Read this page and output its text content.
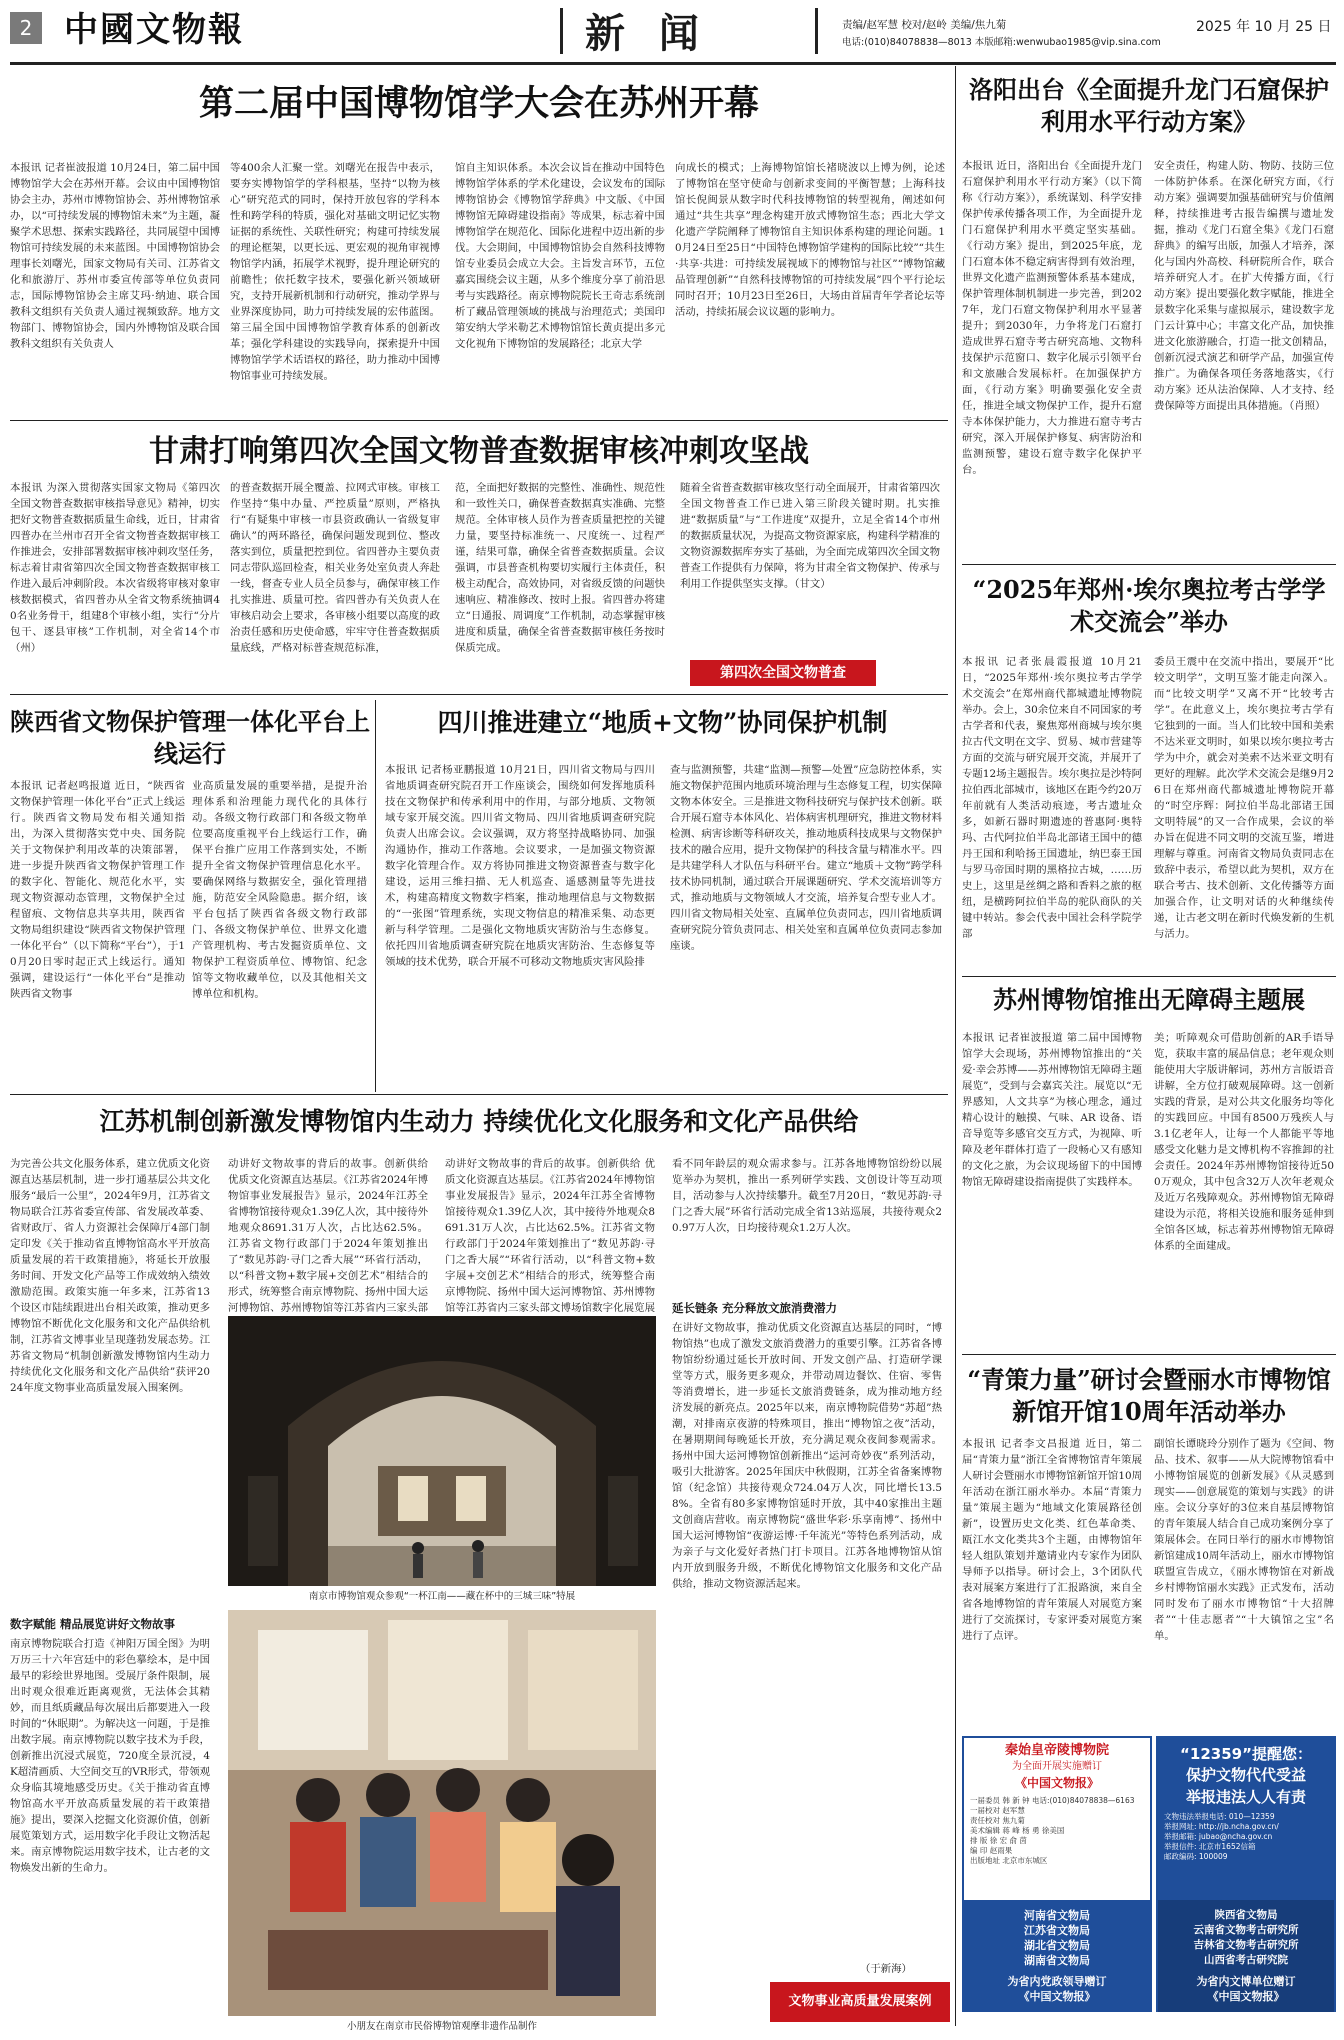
2 中國文物報	新 闻	责编/赵军慧 校对/赵岭 美编/焦九菊
电话:(010)84078838—8013 本版邮箱:wenwubao1985@vip.sina.com
2025 年 10 月 25 日
第二届中国博物馆学大会在苏州开幕
本报讯 记者崔波报道 10月24日，第二届中国博物馆学大会在苏州开幕。会议由中国博物馆协会主办，苏州市博物馆协会、苏州博物馆承办，以“可持续发展的博物馆未来”为主题，凝聚学术思想、探索实践路径，共同展望中国博物馆可持续发展的未来蓝图。中国博物馆协会理事长刘曙光，国家文物局有关司、江苏省文化和旅游厅、苏州市委宣传部等单位负责同志，国际博物馆协会主席艾玛·纳迪、联合国教科文组织有关负责人通过视频致辞。地方文物部门、博物馆协会，国内外博物馆及联合国教科文组织有关负责人
等400余人汇聚一堂。刘曙光在报告中表示，要夯实博物馆学的学科根基，坚持“以物为核心”研究范式的同时，保持开放包容的学科本性和跨学科的特质，强化对基础文明记忆实物证据的系统性、关联性研究；构建可持续发展的理论框架，以更长远、更宏观的视角审视博物馆学内涵，拓展学术视野，提升理论研究的前瞻性；依托数字技术，要强化新兴领域研究，支持开展新机制和行动研究，推动学界与业界深度协同，助力可持续发展的宏伟蓝图。第三届全国中国博物馆学教育体系的创新改革；强化学科建设的实践导向，探索提升中国博物馆学学术话语权的路径，助力推动中国博物馆事业可持续发展。
馆自主知识体系。本次会议旨在推动中国特色博物馆学体系的学术化建设，会议发布的国际博物馆协会《博物馆学辞典》中文版、《中国博物馆无障碍建设指南》等成果，标志着中国博物馆学在规范化、国际化进程中迈出新的步伐。大会期间，中国博物馆协会自然科技博物馆专业委员会成立大会。主旨发言环节，五位嘉宾围绕会议主题，从多个维度分享了前沿思考与实践路径。南京博物院院长王奇志系统剖析了藏品管理领域的挑战与治理范式；美国印第安纳大学米勒艺术博物馆馆长黄贞提出多元文化视角下博物馆的发展路径；北京大学
向成长的模式；上海博物馆馆长褚晓波以上博为例，论述了博物馆在坚守使命与创新求变间的平衡智慧；上海科技馆长倪闽景从数字时代科技博物馆的转型视角，阐述如何通过“共生共享”理念构建开放式博物馆生态；西北大学文化遗产学院阐释了博物馆自主知识体系构建的理论问题。10月24日至25日“中国特色博物馆学建构的国际比较”“共生·共享·共进：可持续发展视域下的博物馆与社区”“博物馆藏品管理创新”“自然科技博物馆的可持续发展”四个平行论坛同时召开；10月23日至26日，大场由首届青年学者论坛等活动，持续拓展会议议题的影响力。
甘肃打响第四次全国文物普查数据审核冲刺攻坚战
本报讯 为深入贯彻落实国家文物局《第四次全国文物普查数据审核指导意见》精神，切实把好文物普查数据质量生命线，近日，甘肃省四普办在兰州市召开全省文物普查数据审核工作推进会，安排部署数据审核冲刺攻坚任务，标志着甘肃省第四次全国文物普查数据审核工作进入最后冲刺阶段。本次省级将审核对象审核数据模式，省四普办从全省文物系统抽调40名业务骨干，组建8个审核小组，实行“分片包干、逐县审核”工作机制，对全省14个市（州）
的普查数据开展全覆盖、拉网式审核。审核工作坚持“集中办量、严控质量”原则，严格执行“有疑集中审核一市县资政确认一省级复审确认”的两环路径，确保问题发现到位、整改落实到位，质量把控到位。省四普办主要负责同志带队巡回检查，相关业务处室负责人奔赴一线，督查专业人员全员参与，确保审核工作扎实推进、质量可控。省四普办有关负责人在审核启动会上要求，各审核小组要以高度的政治责任感和历史使命感，牢牢守住普查数据质量底线，严格对标普查规范标准，
范，全面把好数据的完整性、准确性、规范性和一致性关口，确保普查数据真实准确、完整规范。全体审核人员作为普查质量把控的关键力量，要坚持标准统一、尺度统一、过程严谨，结果可靠，确保全省普查数据质量。会议强调，市县普查机构要切实履行主体责任，积极主动配合，高效协同，对省级反馈的问题快速响应、精准修改、按时上报。省四普办将建立“日通报、周调度”工作机制，动态掌握审核进度和质量，确保全省普查数据审核任务按时保质完成。
随着全省普查数据审核攻坚行动全面展开，甘肃省第四次全国文物普查工作已进入第三阶段关键时期。扎实推进“数据质量”与“工作进度”双提升，立足全省14个市州的数据质量状况，为提高文物资源家底，构建科学精准的文物资源数据库夯实了基础，为全面完成第四次全国文物普查工作提供有力保障，将为甘肃全省文物保护、传承与利用工作提供坚实支撑。（甘文）
第四次全国文物普查
陕西省文物保护管理一体化平台上线运行
本报讯 记者赵鸣报道 近日，“陕西省文物保护管理一体化平台”正式上线运行。陕西省文物局发布相关通知指出，为深入贯彻落实党中央、国务院关于文物保护利用改革的决策部署，进一步提升陕西省文物保护管理工作的数字化、智能化、规范化水平，实现文物资源动态管理，文物保护全过程留痕、文物信息共享共用，陕西省文物局组织建设“陕西省文物保护管理一体化平台”（以下简称“平台”），于10月20日零时起正式上线运行。通知强调，建设运行“一体化平台”是推动陕西省文物事
业高质量发展的重要举措，是提升治理体系和治理能力现代化的具体行动。各级文物行政部门和各级文物单位要高度重视平台上线运行工作，确保平台推广应用工作落到实处，不断提升全省文物保护管理信息化水平。要确保网络与数据安全，强化管理措施，防范安全风险隐患。据介绍，该平台包括了陕西省各级文物行政部门、各级文物保护单位、世界文化遗产管理机构、考古发掘资质单位、文物保护工程资质单位、博物馆、纪念馆等文物收藏单位，以及其他相关文博单位和机构。
四川推进建立“地质+文物”协同保护机制
本报讯 记者杨亚鹏报道 10月21日，四川省文物局与四川省地质调查研究院召开工作座谈会，围绕如何发挥地质科技在文物保护和传承利用中的作用，与部分地质、文物领域专家开展交流。四川省文物局、四川省地质调查研究院负责人出席会议。会议强调，双方将坚持战略协同、加强沟通协作，推动工作落地。会议要求，一是加强文物资源数字化管理合作。双方将协同推进文物资源普查与数字化建设，运用三维扫描、无人机巡查、遥感测量等先进技术，构建高精度文物数字档案，推动地理信息与文物数据的“一张图”管理系统，实现文物信息的精准采集、动态更新与科学管理。二是强化文物地质灾害防治与生态修复。依托四川省地质调查研究院在地质灾害防治、生态修复等领域的技术优势，联合开展不可移动文物地质灾害风险排
查与监测预警，共建“监测—预警—处置”应急防控体系，实施文物保护范围内地质环境治理与生态修复工程，切实保障文物本体安全。三是推进文物科技研究与保护技术创新。联合开展石窟寺本体风化、岩体病害机理研究，推进文物材料检测、病害诊断等科研攻关，推动地质科技成果与文物保护技术的融合应用，提升文物保护的科技含量与精准水平。四是共建学科人才队伍与科研平台。建立“地质＋文物”跨学科技术协同机制，通过联合开展课题研究、学术交流培训等方式，推动地质与文物领域人才交流，培养复合型专业人才。四川省文物局相关处室、直属单位负责同志，四川省地质调查研究院分管负责同志、相关处室和直属单位负责同志参加座谈。
江苏机制创新激发博物馆内生动力 持续优化文化服务和文化产品供给
为完善公共文化服务体系，建立优质文化资源直达基层机制，进一步打通基层公共文化服务“最后一公里”，2024年9月，江苏省文物局联合江苏省委宣传部、省发展改革委、省财政厅、省人力资源社会保障厅4部门制定印发《关于推动省直博物馆高水平开放高质量发展的若干政策措施》，将延长开放服务时间、开发文化产品等工作成效纳入绩效激励范围。政策实施一年多来，江苏省13个设区市陆续跟进出台相关政策，推动更多博物馆不断优化文化服务和文化产品供给机制，江苏省文博事业呈现蓬勃发展态势。江苏省文物局“机制创新激发博物馆内生动力 持续优化文化服务和文化产品供给”获评2024年度文物事业高质量发展入围案例。
数字赋能 精品展览讲好文物故事
南京博物院联合打造《神阳万国全图》为明万历三十六年宫廷中的彩色摹绘本，是中国最早的彩绘世界地图。受展厅条件限制，展出时观众很难近距离观赏，无法体会其精妙，而且纸质藏品每次展出后都要进入一段时间的“休眠期”。为解决这一问题，于是推出数字展。南京博物院以数字技术为手段，创新推出沉浸式展览，720度全景沉浸，4K超清画质、大空间交互的VR形式，带领观众身临其境地感受历史。《关于推动省直博物馆高水平开放高质量发展的若干政策措施》提出，要深入挖掘文化资源价值，创新展览策划方式，运用数字化手段让文物活起来。南京博物院运用数字技术，让古老的文物焕发出新的生命力。
动讲好文物故事的背后的故事。创新供给 优质文化资源直达基层。《江苏省2024年博物馆事业发展报告》显示，2024年江苏全省博物馆接待观众1.39亿人次，其中接待外地观众8691.31万人次，占比达62.5%。江苏省文物行政部门于2024年策划推出了“数见苏韵·寻门之香大展”“环省行活动，以“科普文物+数字展+交创艺术”相结合的形式，统筹整合南京博物院、扬州中国大运河博物馆、苏州博物馆等江苏省内三家头部
动讲好文物故事的背后的故事。创新供给 优质文化资源直达基层。《江苏省2024年博物馆事业发展报告》显示，2024年江苏全省博物馆接待观众1.39亿人次，其中接待外地观众8691.31万人次，占比达62.5%。江苏省文物行政部门于2024年策划推出了“数见苏韵·寻门之香大展”“环省行活动，以“科普文物+数字展+交创艺术”相结合的形式，统筹整合南京博物院、扬州中国大运河博物馆、苏州博物馆等江苏省内三家头部文博场馆数字化展览展
看不同年龄层的观众需求参与。江苏各地博物馆纷纷以展览举办为契机，推出一系列研学实践、文创设计等互动项目，活动参与人次持续攀升。截至7月20日，“数见苏韵·寻门之香大展”环省行活动完成全省13站巡展，共接待观众20.97万人次，日均接待观众1.2万人次。
延长链条 充分释放文旅消费潜力
南京市博物馆观众参观“一杯江南——藏在杯中的三城三味”特展
小朋友在南京市民俗博物馆观摩非遗作品制作
在讲好文物故事，推动优质文化资源直达基层的同时，“博物馆热”也成了激发文旅消费潜力的重要引擎。江苏省各博物馆纷纷通过延长开放时间、开发文创产品、打造研学课堂等方式，服务更多观众，并带动周边餐饮、住宿、零售等消费增长，进一步延长文旅消费链条，成为推动地方经济发展的新亮点。2025年以来，南京博物院借势“苏超”热潮，对排南京夜游的特殊项目，推出“博物馆之夜”活动，在暑期期间每晚延长开放，充分满足观众夜间参观需求。扬州中国大运河博物馆创新推出“运河奇妙夜”系列活动，吸引大批游客。2025年国庆中秋假期，江苏全省备案博物馆（纪念馆）共接待观众724.04万人次，同比增长13.58%。全省有80多家博物馆延时开放，其中40家推出主题文创商店营收。南京博物院“盛世华彩·乐享南博”、扬州中国大运河博物馆“夜游运博·千年流光”等特色系列活动，成为亲子与文化爱好者热门打卡项目。江苏各地博物馆从馆内开放到服务升级，不断优化博物馆文化服务和文化产品供给，推动文物资源活起来。
（于新海）
文物事业高质量发展案例
洛阳出台《全面提升龙门石窟保护利用水平行动方案》
本报讯 近日，洛阳出台《全面提升龙门石窟保护利用水平行动方案》（以下简称《行动方案》），系统谋划、科学安排保护传承传播各项工作，为全面提升龙门石窟保护利用水平奠定坚实基础。《行动方案》提出，到2025年底，龙门石窟本体不稳定病害得到有效治理，世界文化遗产监测预警体系基本建成，保护管理体制机制进一步完善，到2027年，龙门石窟文物保护利用水平显著提升；到2030年，力争将龙门石窟打造成世界石窟寺考古研究高地、文物科技保护示范窗口、数字化展示引领平台和文旅融合发展标杆。在加强保护方面，《行动方案》明确要强化安全责任，推进全域文物保护工作，提升石窟寺本体保护能力，大力推进石窟寺考古研究，深入开展保护修复、病害防治和监测预警，建设石窟寺数字化保护平台。
安全责任，构建人防、物防、技防三位一体防护体系。在深化研究方面，《行动方案》强调要加强基础研究与价值阐释，持续推进考古报告编撰与遗址发掘，推动《龙门石窟全集》《龙门石窟辞典》的编写出版，加强人才培养，深化与国内外高校、科研院所合作，联合培养研究人才。在扩大传播方面，《行动方案》提出要强化数字赋能，推进全景数字化采集与虚拟展示，建设数字龙门云计算中心；丰富文化产品，加快推进文化旅游融合，打造一批文创精品，创新沉浸式演艺和研学产品，加强宣传推广。为确保各项任务落地落实，《行动方案》还从法治保障、人才支持、经费保障等方面提出具体措施。（肖照）
“2025年郑州·埃尔奥拉考古学学术交流会”举办
本报讯 记者张晨霞报道 10月21日，“2025年郑州·埃尔奥拉考古学学术交流会”在郑州商代都城遗址博物院举办。会上，30余位来自不同国家的考古学者和代表，聚焦郑州商城与埃尔奥拉古代文明在文字、贸易、城市营建等方面的交流与研究展开交流，并展开了专题12场主题报告。埃尔奥拉是沙特阿拉伯西北部城市，该地区在距今约20万年前就有人类活动痕迹，考古遗址众多，如新石器时期遗迹的普惠阿·奥特玛、古代阿拉伯半岛北部诸王国中的德丹王国和利哈扬王国遗址，纳巴泰王国与罗马帝国时期的黑格拉古城，……历史上，这里是丝绸之路和香料之旅的枢纽，是横跨阿拉伯半岛的驼队商队的关键中转站。参会代表中国社会科学院学部
委员王震中在交流中指出，要展开“比较文明学”，文明互鉴才能走向深入。而“比较文明学”又离不开“比较考古学”。在此意义上，埃尔奥拉考古学有它独到的一面。当人们比较中国和美索不达米亚文明时，如果以埃尔奥拉考古学为中介，就会对美索不达米亚文明有更好的理解。此次学术交流会是继9月26日在郑州商代都城遗址博物院开幕的“时空序辉：阿拉伯半岛北部诸王国文明特展”的又一合作成果，会议的举办旨在促进不同文明的交流互鉴，增进理解与尊重。河南省文物局负责同志在致辞中表示，希望以此为契机，双方在联合考古、技术创新、文化传播等方面加强合作，让文明对话的火种继续传递，让古老文明在新时代焕发新的生机与活力。
苏州博物馆推出无障碍主题展
本报讯 记者崔波报道 第二届中国博物馆学大会现场，苏州博物馆推出的“关爱·幸会苏博——苏州博物馆无障碍主题展览”，受到与会嘉宾关注。展览以“无界感知，人文共享”为核心理念，通过精心设计的触摸、气味、AR 设备、语音导览等多感官交互方式，为视障、听障及老年群体打造了一段畅心又有感知的文化之旅，为会议现场留下的中国博物馆无障碍建设指南提供了实践样本。
美；听障观众可借助创新的AR手语导览，获取丰富的展品信息；老年观众则能使用大字版讲解词，苏州方言版语音讲解，全方位打破观展障碍。这一创新实践的背景，是对公共文化服务均等化的实践回应。中国有8500万残疾人与3.1亿老年人，让每一个人都能平等地感受文化魅力是文博机构不容推卸的社会责任。2024年苏州博物馆接待近500万观众，其中包含32万人次年老观众及近万名残障观众。苏州博物馆无障碍建设为示范，将相关设施和服务延伸到全馆各区域，标志着苏州博物馆无障碍体系的全面建成。
“青策力量”研讨会暨丽水市博物馆新馆开馆10周年活动举办
本报讯 记者李文昌报道 近日，第二届“青策力量”浙江全省博物馆青年策展人研讨会暨丽水市博物馆新馆开馆10周年活动在浙江丽水举办。本届“青策力量”策展主题为“地域文化策展路径创新”，设置历史文化类、红色革命类、瓯江水文化类共3个主题，由博物馆年轻人组队策划并邀请业内专家作为团队导师予以指导。研讨会上，3个团队代表对展案方案进行了汇报路演，来自全省各地博物馆的青年策展人对展览方案进行了交流探讨，专家评委对展览方案进行了点评。
副馆长谭晓玲分别作了题为《空间、物品、技术、叙事——从大院博物馆看中小博物馆展览的创新发展》《从灵感到现实——创意展览的策划与实践》的讲座。会议分享好的3位来自基层博物馆的青年策展人结合自己成功案例分享了策展体会。在同日举行的丽水市博物馆新馆建成10周年活动上，丽水市博物馆联盟宣告成立，《丽水博物馆在对新战乡村博物馆丽水实践》正式发布，活动同时发布了丽水市博物馆“十大招牌者”“十佳志愿者”“十大镇馆之宝”名单。
秦始皇帝陵博物院
为全面开展实施赠订
《中国文物报》
一届委员 韩 新 钟 电话:(010)84078838—6163
一届校对 赵军慧
责任校对 焦九菊
美术编辑 蒋 峰 杨 勇 徐美国
排 版 徐 宏 俞 茵
编 印 赵雨果
出版地址 北京市东城区
河南省文物局
江苏省文物局
湖北省文物局
湖南省文物局
为省内党政领导赠订
《中国文物报》
“12359”提醒您：
保护文物代代受益
举报违法人人有责
文物违法举报电话: 010—12359
举报网址: http://jb.ncha.gov.cn/
举报邮箱: jubao@ncha.gov.cn
举报信件: 北京市1652信箱
邮政编码: 100009
陕西省文物局
云南省文物考古研究所
吉林省文物考古研究所
山西省考古研究院
为省内文博单位赠订
《中国文物报》
